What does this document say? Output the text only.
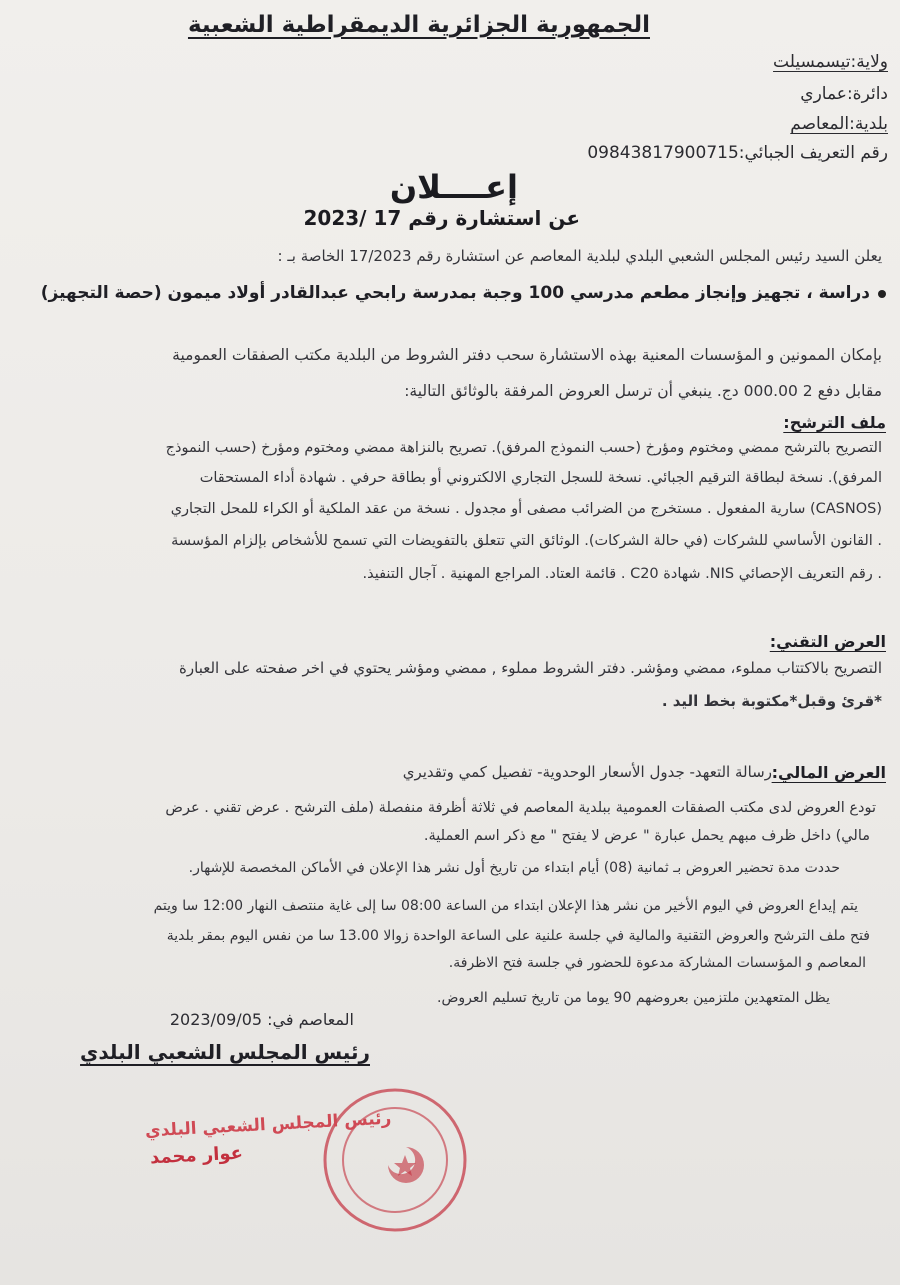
الجمهورية الجزائرية الديمقراطية الشعبية
ولاية:تيسمسيلت
دائرة:عماري
بلدية:المعاصم
رقم التعريف الجبائي:09843817900715
إعــــلان
عن استشارة رقم 17 /2023
يعلن السيد رئيس المجلس الشعبي البلدي لبلدية المعاصم عن استشارة رقم 17/2023 الخاصة بـ :
دراسة ، تجهيز وإنجاز مطعم مدرسي 100 وجبة بمدرسة رابحي عبدالقادر أولاد ميمون (حصة التجهيز)
بإمكان الممونين و المؤسسات المعنية بهذه الاستشارة سحب دفتر الشروط من البلدية مكتب الصفقات العمومية
مقابل دفع 2 000.00 دج. ينبغي أن ترسل العروض المرفقة بالوثائق التالية:
ملف الترشح:
التصريح بالترشح ممضي ومختوم ومؤرخ (حسب النموذج المرفق). تصريح بالنزاهة ممضي ومختوم ومؤرخ (حسب النموذج
المرفق). نسخة لبطاقة الترقيم الجبائي. نسخة للسجل التجاري الالكتروني أو بطاقة حرفي . شهادة أداء المستحقات
(CASNOS) سارية المفعول . مستخرج من الضرائب مصفى أو مجدول . نسخة من عقد الملكية أو الكراء للمحل التجاري
. القانون الأساسي للشركات (في حالة الشركات). الوثائق التي تتعلق بالتفويضات التي تسمح للأشخاص بإلزام المؤسسة
. رقم التعريف الإحصائي NIS. شهادة C20 . قائمة العتاد. المراجع المهنية . آجال التنفيذ.
العرض التقني:
التصريح بالاكتتاب مملوء، ممضي ومؤشر. دفتر الشروط مملوء , ممضي ومؤشر يحتوي في اخر صفحته على العبارة
*قرئ وقبل*مكتوبة بخط اليد .
العرض المالي:
رسالة التعهد- جدول الأسعار الوحدوية- تفصيل كمي وتقديري
تودع العروض لدى مكتب الصفقات العمومية ببلدية المعاصم في ثلاثة أظرفة منفصلة (ملف الترشح . عرض تقني . عرض
مالي) داخل ظرف مبهم يحمل عبارة " عرض لا يفتح " مع ذكر اسم العملية.
حددت مدة تحضير العروض بـ ثمانية (08) أيام ابتداء من تاريخ أول نشر هذا الإعلان في الأماكن المخصصة للإشهار.
يتم إيداع العروض في اليوم الأخير من نشر هذا الإعلان ابتداء من الساعة 08:00 سا إلى غاية منتصف النهار 12:00 سا ويتم
فتح ملف الترشح والعروض التقنية والمالية في جلسة علنية على الساعة الواحدة زوالا 13.00 سا من نفس اليوم بمقر بلدية
المعاصم و المؤسسات المشاركة مدعوة للحضور في جلسة فتح الاظرفة.
يظل المتعهدين ملتزمين بعروضهم 90 يوما من تاريخ تسليم العروض.
المعاصم في: 2023/09/05
رئيس المجلس الشعبي البلدي
رئيس المجلس الشعبي البلدي
عوار محمد
